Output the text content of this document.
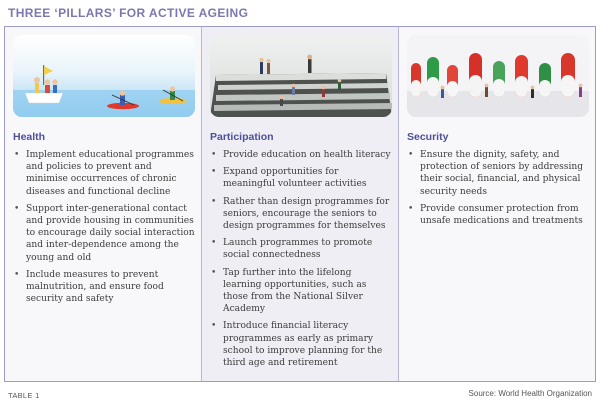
THREE ‘PILLARS’ FOR ACTIVE AGEING
Health
• Implement educational programmes and policies to prevent and minimise occurrences of chronic diseases and functional decline
• Support inter-generational contact and provide housing in communities to encourage daily social interaction and inter-dependence among the young and old
• Include measures to prevent malnutrition, and ensure food security and safety
Participation
• Provide education on health literacy
• Expand opportunities for meaningful volunteer activities
• Rather than design programmes for seniors, encourage the seniors to design programmes for themselves
• Launch programmes to promote social connectedness
• Tap further into the lifelong learning opportunities, such as those from the National Silver Academy
• Introduce financial literacy programmes as early as primary school to improve planning for the third age and retirement
Security
• Ensure the dignity, safety, and protection of seniors by addressing their social, financial, and physical security needs
• Provide consumer protection from unsafe medications and treatments
TABLE 1	Source: World Health Organization
